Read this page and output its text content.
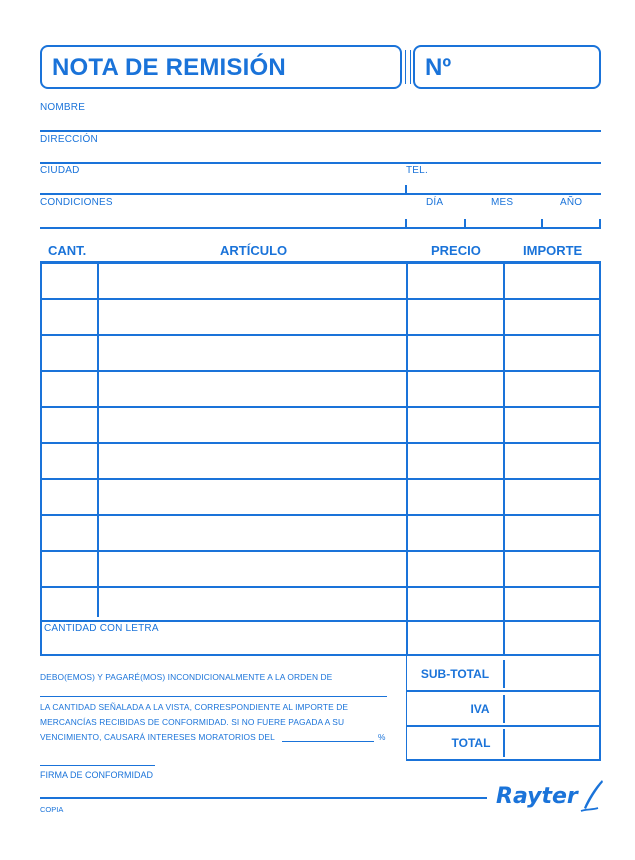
NOTA DE REMISIÓN	Nº
NOMBRE
DIRECCIÓN
CIUDAD	TEL.
CONDICIONES	DÍA	MES	AÑO
CANT.	ARTÍCULO	PRECIO	IMPORTE
CANTIDAD CON LETRA
DEBO(EMOS) Y PAGARÉ(MOS) INCONDICIONALMENTE A LA ORDEN DE
LA CANTIDAD SEÑALADA A LA VISTA, CORRESPONDIENTE AL IMPORTE DE
MERCANCÍAS RECIBIDAS DE CONFORMIDAD. SI NO FUERE PAGADA A SU
VENCIMIENTO, CAUSARÁ INTERESES MORATORIOS DEL	%
SUB-TOTAL
IVA
TOTAL
FIRMA DE CONFORMIDAD
COPIA
Rayter
